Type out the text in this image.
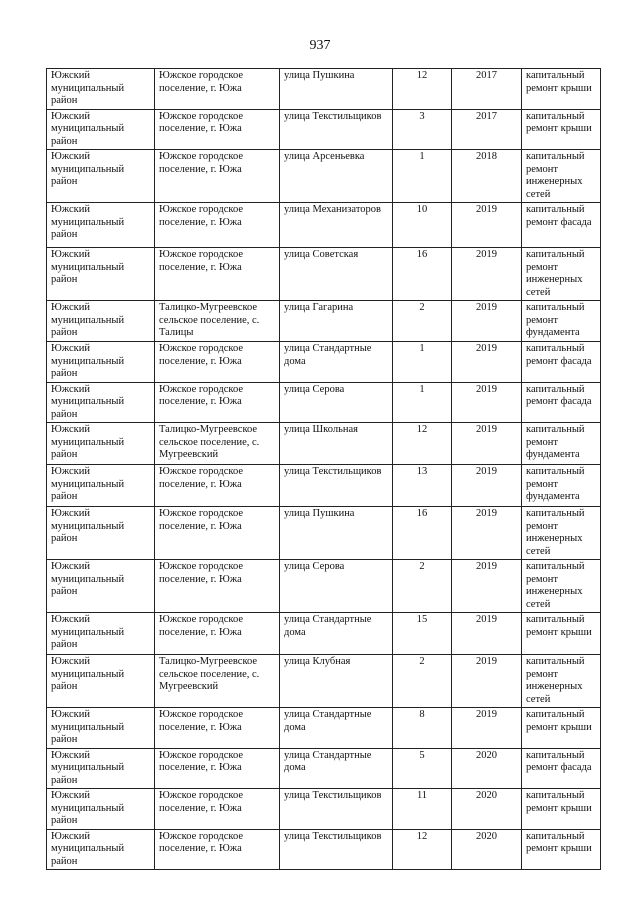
937
Южский муниципальный район	Южское городское поселение, г. Южа	улица Пушкина	12	2017	капитальный ремонт крыши
Южский муниципальный район	Южское городское поселение, г. Южа	улица Текстильщиков	3	2017	капитальный ремонт крыши
Южский муниципальный район	Южское городское поселение, г. Южа	улица Арсеньевка	1	2018	капитальный ремонт инженерных сетей
Южский муниципальный район	Южское городское поселение, г. Южа	улица Механизаторов	10	2019	капитальный ремонт фасада
Южский муниципальный район	Южское городское поселение, г. Южа	улица Советская	16	2019	капитальный ремонт инженерных сетей
Южский муниципальный район	Талицко-Мугреевское сельское поселение, с. Талицы	улица Гагарина	2	2019	капитальный ремонт фундамента
Южский муниципальный район	Южское городское поселение, г. Южа	улица Стандартные дома	1	2019	капитальный ремонт фасада
Южский муниципальный район	Южское городское поселение, г. Южа	улица Серова	1	2019	капитальный ремонт фасада
Южский муниципальный район	Талицко-Мугреевское сельское поселение, с. Мугреевский	улица Школьная	12	2019	капитальный ремонт фундамента
Южский муниципальный район	Южское городское поселение, г. Южа	улица Текстильщиков	13	2019	капитальный ремонт фундамента
Южский муниципальный район	Южское городское поселение, г. Южа	улица Пушкина	16	2019	капитальный ремонт инженерных сетей
Южский муниципальный район	Южское городское поселение, г. Южа	улица Серова	2	2019	капитальный ремонт инженерных сетей
Южский муниципальный район	Южское городское поселение, г. Южа	улица Стандартные дома	15	2019	капитальный ремонт крыши
Южский муниципальный район	Талицко-Мугреевское сельское поселение, с. Мугреевский	улица Клубная	2	2019	капитальный ремонт инженерных сетей
Южский муниципальный район	Южское городское поселение, г. Южа	улица Стандартные дома	8	2019	капитальный ремонт крыши
Южский муниципальный район	Южское городское поселение, г. Южа	улица Стандартные дома	5	2020	капитальный ремонт фасада
Южский муниципальный район	Южское городское поселение, г. Южа	улица Текстильщиков	11	2020	капитальный ремонт крыши
Южский муниципальный район	Южское городское поселение, г. Южа	улица Текстильщиков	12	2020	капитальный ремонт крыши
